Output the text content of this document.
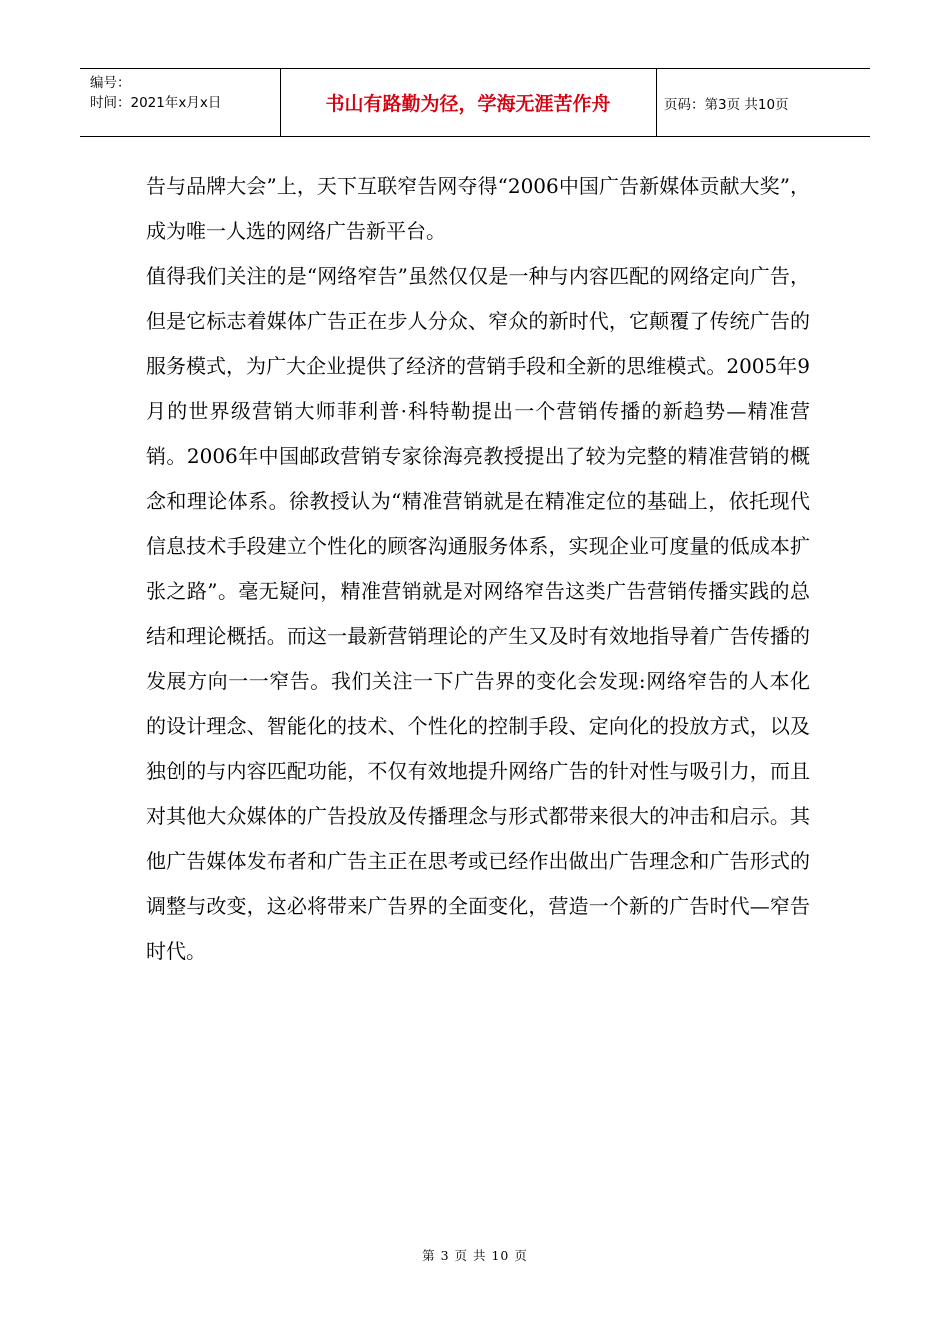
编号：
时间：2021年x月x日	书山有路勤为径，学海无涯苦作舟	页码：第3页 共10页

告与品牌大会”上，天下互联窄告网夺得“2006中国广告新媒体贡献大奖”，成为唯一人选的网络广告新平台。

值得我们关注的是“网络窄告”虽然仅仅是一种与内容匹配的网络定向广告，但是它标志着媒体广告正在步人分众、窄众的新时代，它颠覆了传统广告的服务模式，为广大企业提供了经济的营销手段和全新的思维模式。2005年9月的世界级营销大师菲利普·科特勒提出一个营销传播的新趋势—精准营销。2006年中国邮政营销专家徐海亮教授提出了较为完整的精准营销的概念和理论体系。徐教授认为“精准营销就是在精准定位的基础上，依托现代信息技术手段建立个性化的顾客沟通服务体系，实现企业可度量的低成本扩张之路”。毫无疑问，精准营销就是对网络窄告这类广告营销传播实践的总结和理论概括。而这一最新营销理论的产生又及时有效地指导着广告传播的发展方向一一窄告。我们关注一下广告界的变化会发现:网络窄告的人本化的设计理念、智能化的技术、个性化的控制手段、定向化的投放方式，以及独创的与内容匹配功能，不仅有效地提升网络广告的针对性与吸引力，而且对其他大众媒体的广告投放及传播理念与形式都带来很大的冲击和启示。其他广告媒体发布者和广告主正在思考或已经作出做出广告理念和广告形式的调整与改变，这必将带来广告界的全面变化，营造一个新的广告时代—窄告时代。

第 3 页 共 10 页
